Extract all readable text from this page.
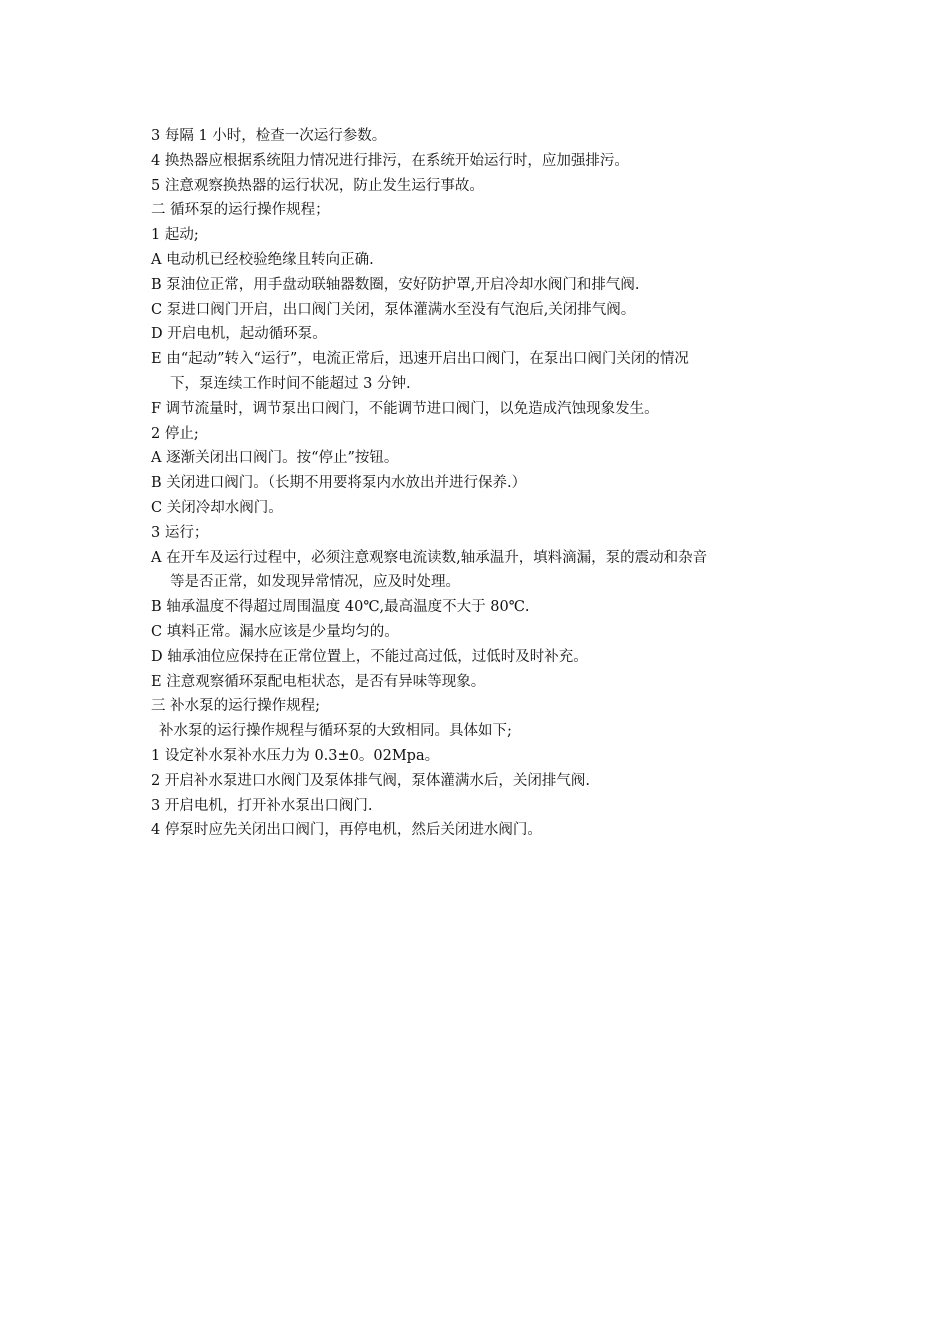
3 每隔 1 小时，检查一次运行参数。

4 换热器应根据系统阻力情况进行排污，在系统开始运行时，应加强排污。

5 注意观察换热器的运行状况，防止发生运行事故。

二 循环泵的运行操作规程；

1 起动;

A 电动机已经校验绝缘且转向正确.

B 泵油位正常，用手盘动联轴器数圈，安好防护罩,开启冷却水阀门和排气阀.

C 泵进口阀门开启，出口阀门关闭，泵体灌满水至没有气泡后,关闭排气阀。

D 开启电机，起动循环泵。

E 由“起动”转入“运行”，电流正常后，迅速开启出口阀门，在泵出口阀门关闭的情况

下，泵连续工作时间不能超过 3 分钟.

F 调节流量时，调节泵出口阀门，不能调节进口阀门，以免造成汽蚀现象发生。

2 停止;

A 逐渐关闭出口阀门。按“停止”按钮。

B 关闭进口阀门。（长期不用要将泵内水放出并进行保养.）

C 关闭冷却水阀门。

3 运行；

A 在开车及运行过程中，必须注意观察电流读数,轴承温升，填料滴漏，泵的震动和杂音

等是否正常，如发现异常情况，应及时处理。

B 轴承温度不得超过周围温度 40℃,最高温度不大于 80℃.

C 填料正常。漏水应该是少量均匀的。

D 轴承油位应保持在正常位置上，不能过高过低，过低时及时补充。

E 注意观察循环泵配电柜状态，是否有异味等现象。

三 补水泵的运行操作规程;

补水泵的运行操作规程与循环泵的大致相同。具体如下;

1 设定补水泵补水压力为 0.3±0。02Mpa。

2 开启补水泵进口水阀门及泵体排气阀，泵体灌满水后，关闭排气阀.

3 开启电机，打开补水泵出口阀门.

4 停泵时应先关闭出口阀门，再停电机，然后关闭进水阀门。
